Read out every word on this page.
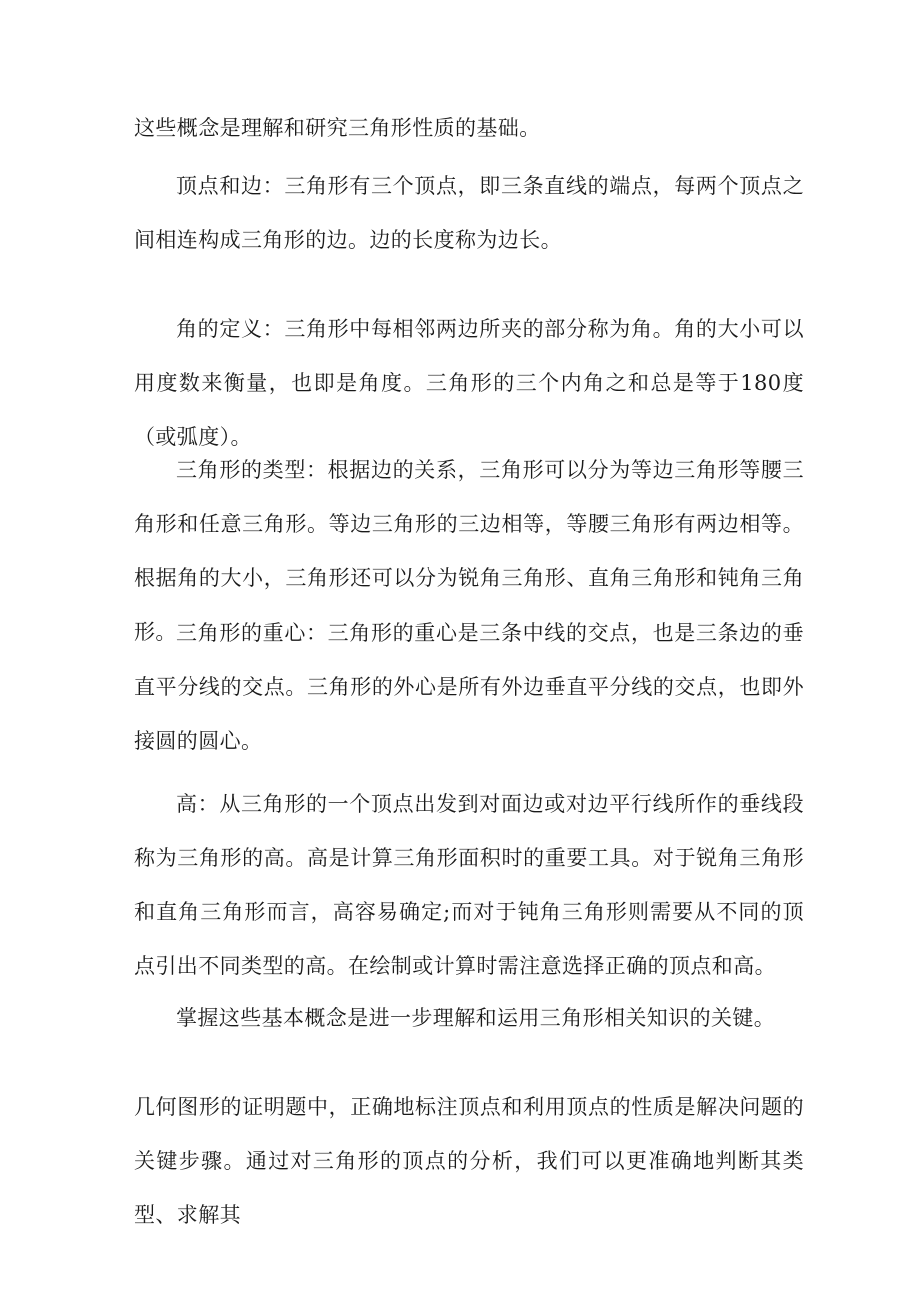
这些概念是理解和研究三角形性质的基础。

顶点和边：三角形有三个顶点，即三条直线的端点，每两个顶点之间相连构成三角形的边。边的长度称为边长。

角的定义：三角形中每相邻两边所夹的部分称为角。角的大小可以用度数来衡量，也即是角度。三角形的三个内角之和总是等于180度（或弧度）。

三角形的类型：根据边的关系，三角形可以分为等边三角形等腰三角形和任意三角形。等边三角形的三边相等，等腰三角形有两边相等。根据角的大小，三角形还可以分为锐角三角形、直角三角形和钝角三角形。 三角形的重心：三角形的重心是三条中线的交点，也是三条边的垂直平分线的交点。三角形的外心是所有外边垂直平分线的交点，也即外接圆的圆心。

高：从三角形的一个顶点出发到对面边或对边平行线所作的垂线段称为三角形的高。高是计算三角形面积时的重要工具。对于锐角三角形和直角三角形而言，高容易确定;而对于钝角三角形则需要从不同的顶点引出不同类型的高。在绘制或计算时需注意选择正确的顶点和高。

掌握这些基本概念是进一步理解和运用三角形相关知识的关键。

几何图形的证明题中，正确地标注顶点和利用顶点的性质是解决问题的关键步骤。通过对三角形的顶点的分析，我们可以更准确地判断其类型、求解其
